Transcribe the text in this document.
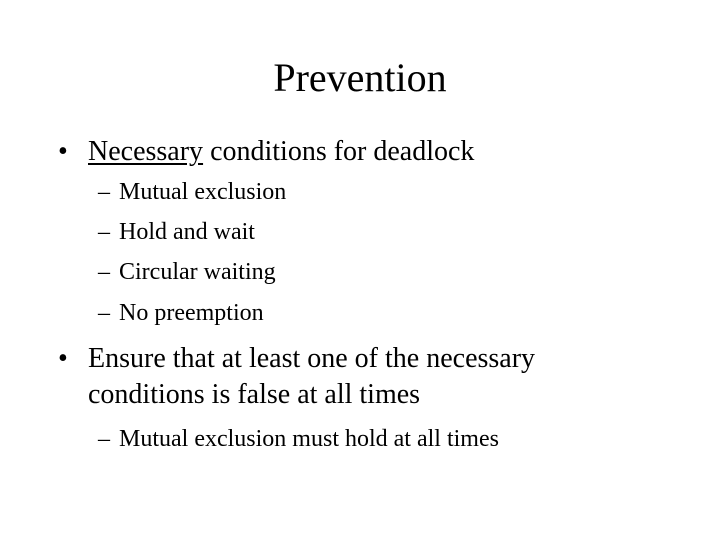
Prevention
• Necessary conditions for deadlock
– Mutual exclusion
– Hold and wait
– Circular waiting
– No preemption
• Ensure that at least one of the necessary conditions is false at all times
– Mutual exclusion must hold at all times
